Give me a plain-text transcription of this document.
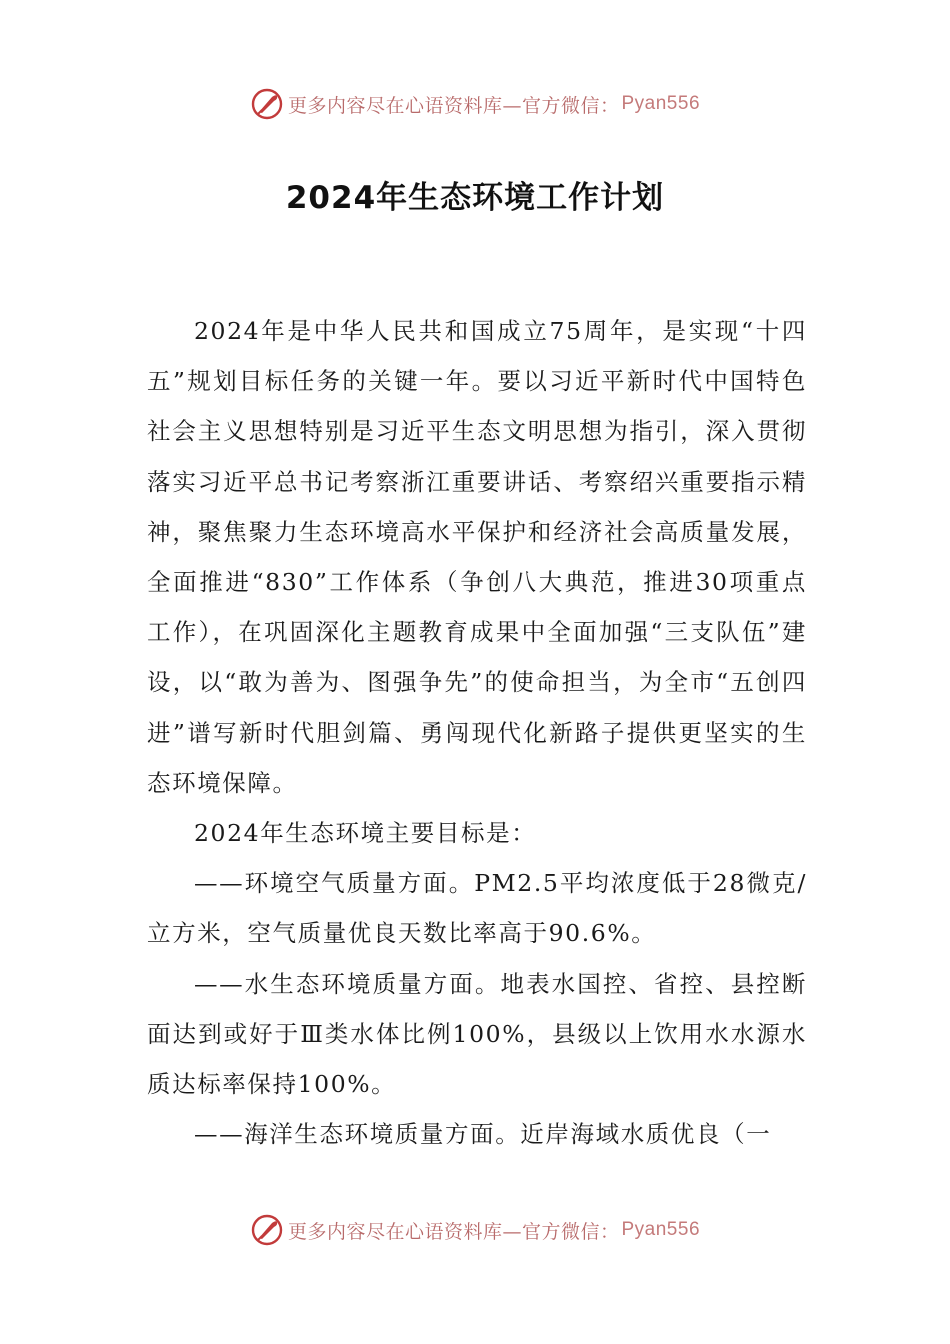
更多内容尽在心语资料库—官方微信： Pyan556
2024年生态环境工作计划

2024年是中华人民共和国成立75周年，是实现“十四五”规划目标任务的关键一年。要以习近平新时代中国特色社会主义思想特别是习近平生态文明思想为指引，深入贯彻落实习近平总书记考察浙江重要讲话、考察绍兴重要指示精神，聚焦聚力生态环境高水平保护和经济社会高质量发展，全面推进“830”工作体系（争创八大典范，推进30项重点工作），在巩固深化主题教育成果中全面加强“三支队伍”建设，以“敢为善为、图强争先”的使命担当，为全市“五创四进”谱写新时代胆剑篇、勇闯现代化新路子提供更坚实的生态环境保障。

2024年生态环境主要目标是：

——环境空气质量方面。PM2.5平均浓度低于28微克/立方米，空气质量优良天数比率高于90.6%。

——水生态环境质量方面。地表水国控、省控、县控断面达到或好于Ⅲ类水体比例100%，县级以上饮用水水源水质达标率保持100%。

——海洋生态环境质量方面。近岸海域水质优良（一

更多内容尽在心语资料库—官方微信： Pyan556
